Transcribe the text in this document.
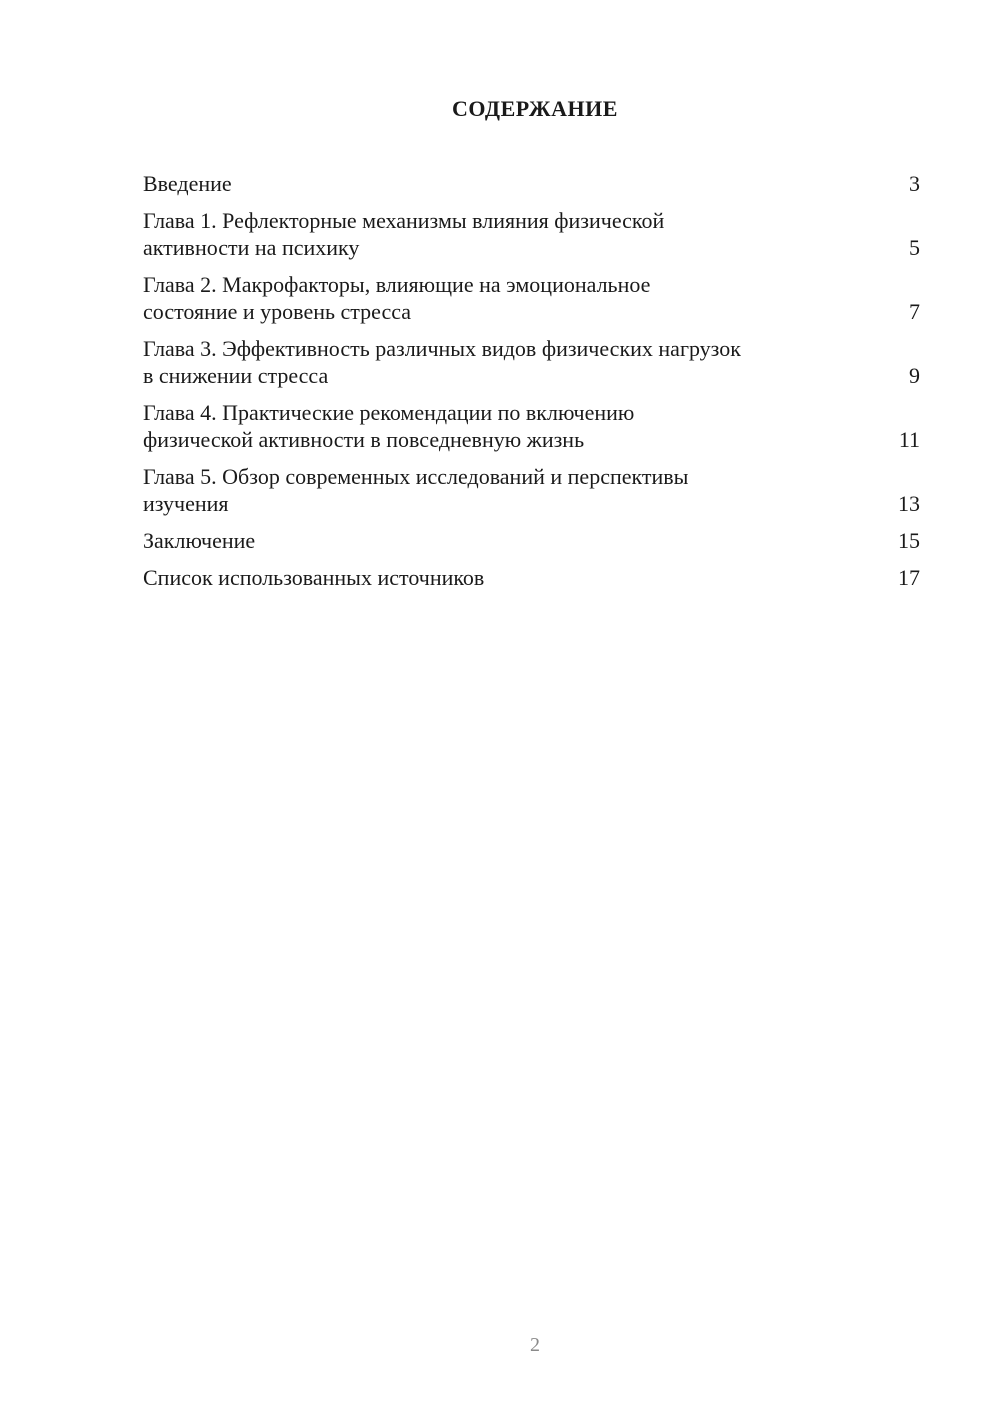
СОДЕРЖАНИЕ
Введение	3
Глава 1. Рефлекторные механизмы влияния физической
активности на психику	5
Глава 2. Макрофакторы, влияющие на эмоциональное
состояние и уровень стресса	7
Глава 3. Эффективность различных видов физических нагрузок
в снижении стресса	9
Глава 4. Практические рекомендации по включению
физической активности в повседневную жизнь	11
Глава 5. Обзор современных исследований и перспективы
изучения	13
Заключение	15
Список использованных источников	17
2
